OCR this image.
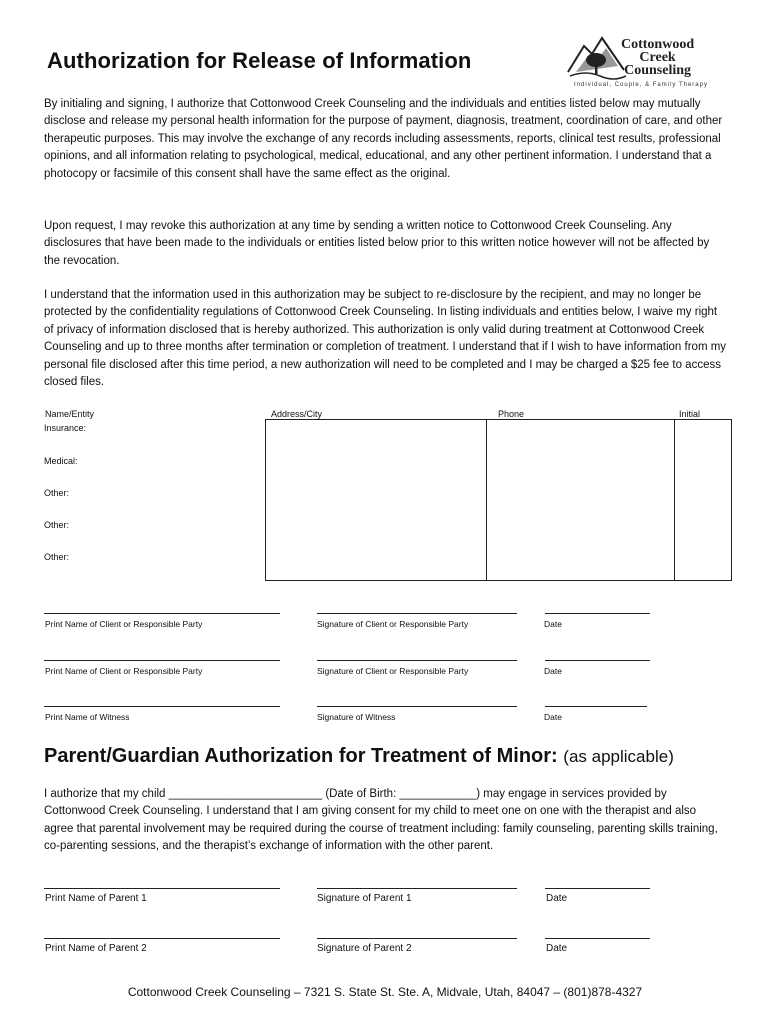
Authorization for Release of Information
Cottonwood
Creek
Counseling
Individual, Couple, & Family Therapy

By initialing and signing, I authorize that Cottonwood Creek Counseling and the individuals and entities listed below may mutually disclose and release my personal health information for the purpose of payment, diagnosis, treatment, coordination of care, and other therapeutic purposes. This may involve the exchange of any records including assessments, reports, clinical test results, professional opinions, and all information relating to psychological, medical, educational, and any other pertinent information. I understand that a photocopy or facsimile of this consent shall have the same effect as the original.

Upon request, I may revoke this authorization at any time by sending a written notice to Cottonwood Creek Counseling. Any disclosures that have been made to the individuals or entities listed below prior to this written notice however will not be affected by the revocation.

I understand that the information used in this authorization may be subject to re-disclosure by the recipient, and may no longer be protected by the confidentiality regulations of Cottonwood Creek Counseling. In listing individuals and entities below, I waive my right of privacy of information disclosed that is hereby authorized. This authorization is only valid during treatment at Cottonwood Creek Counseling and up to three months after termination or completion of treatment. I understand that if I wish to have information from my personal file disclosed after this time period, a new authorization will need to be completed and I may be charged a $25 fee to access closed files.

Name/Entity	Address/City	Phone	Initial
Insurance:
Medical:
Other:
Other:
Other:
Print Name of Client or Responsible Party	Signature of Client or Responsible Party	Date
Print Name of Client or Responsible Party	Signature of Client or Responsible Party	Date
Print Name of Witness	Signature of Witness	Date
Parent/Guardian Authorization for Treatment of Minor: (as applicable)

I authorize that my child ________________________ (Date of Birth: ____________) may engage in services provided by Cottonwood Creek Counseling. I understand that I am giving consent for my child to meet one on one with the therapist and also agree that parental involvement may be required during the course of treatment including: family counseling, parenting skills training, co-parenting sessions, and the therapist’s exchange of information with the other parent.

Print Name of Parent 1	Signature of Parent 1	Date
Print Name of Parent 2	Signature of Parent 2	Date
Cottonwood Creek Counseling – 7321 S. State St. Ste. A, Midvale, Utah, 84047 – (801)878-4327
